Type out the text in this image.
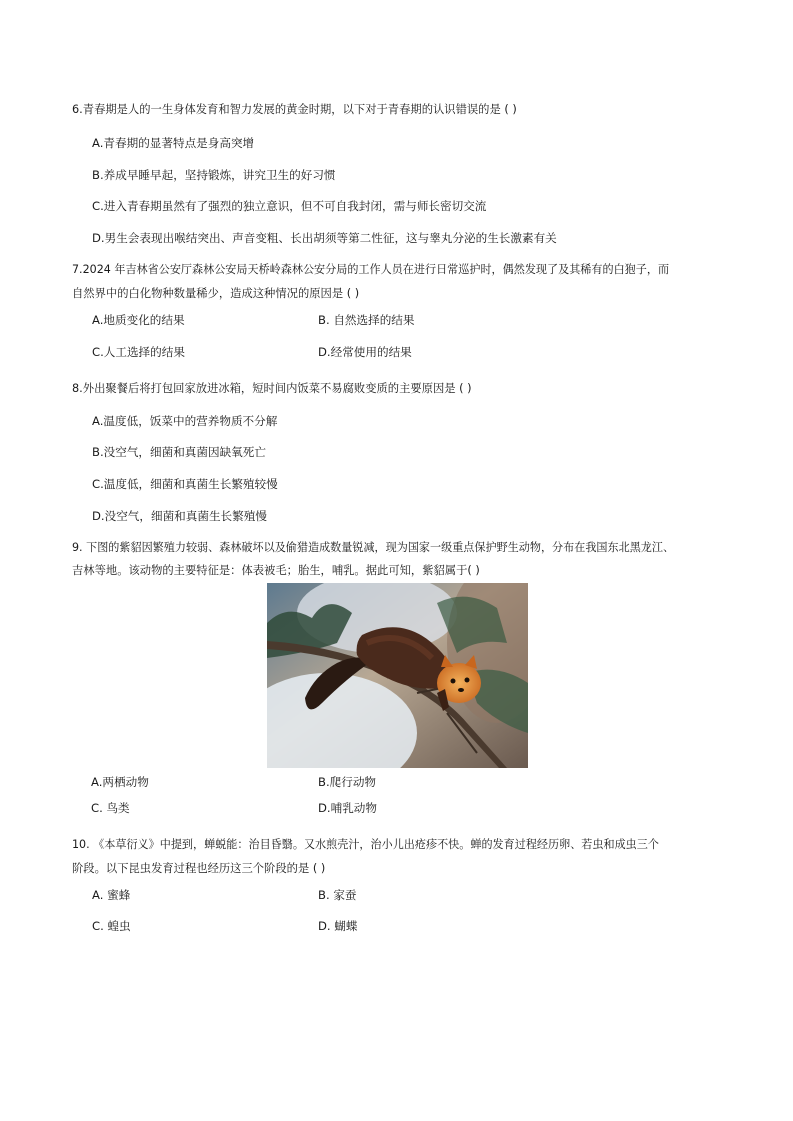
6.青春期是人的一生身体发育和智力发展的黄金时期，以下对于青春期的认识错误的是 ( )
A.青春期的显著特点是身高突增
B.养成早睡早起，坚持锻炼，讲究卫生的好习惯
C.进入青春期虽然有了强烈的独立意识，但不可自我封闭，需与师长密切交流
D.男生会表现出喉结突出、声音变粗、长出胡须等第二性征，这与睾丸分泌的生长激素有关
7.2024 年吉林省公安厅森林公安局天桥岭森林公安分局的工作人员在进行日常巡护时，偶然发现了及其稀有的白狍子，而
自然界中的白化物种数量稀少，造成这种情况的原因是 ( )
A.地质变化的结果	B. 自然选择的结果
C.人工选择的结果	D.经常使用的结果
8.外出聚餐后将打包回家放进冰箱，短时间内饭菜不易腐败变质的主要原因是 ( )
A.温度低，饭菜中的营养物质不分解
B.没空气，细菌和真菌因缺氧死亡
C.温度低，细菌和真菌生长繁殖较慢
D.没空气，细菌和真菌生长繁殖慢
9. 下图的紫貂因繁殖力较弱、森林破坏以及偷猎造成数量锐减，现为国家一级重点保护野生动物，分布在我国东北黑龙江、
吉林等地。该动物的主要特征是：体表被毛；胎生，哺乳。据此可知，紫貂属于( )
A.两栖动物	B.爬行动物
C. 鸟类	D.哺乳动物
10. 《本草衍义》中提到，蝉蜕能：治目昏翳。又水煎壳汁，治小儿出疮疹不快。蝉的发育过程经历卵、若虫和成虫三个
阶段。以下昆虫发育过程也经历这三个阶段的是 ( )
A. 蜜蜂	B. 家蚕
C. 蝗虫	D. 蝴蝶
